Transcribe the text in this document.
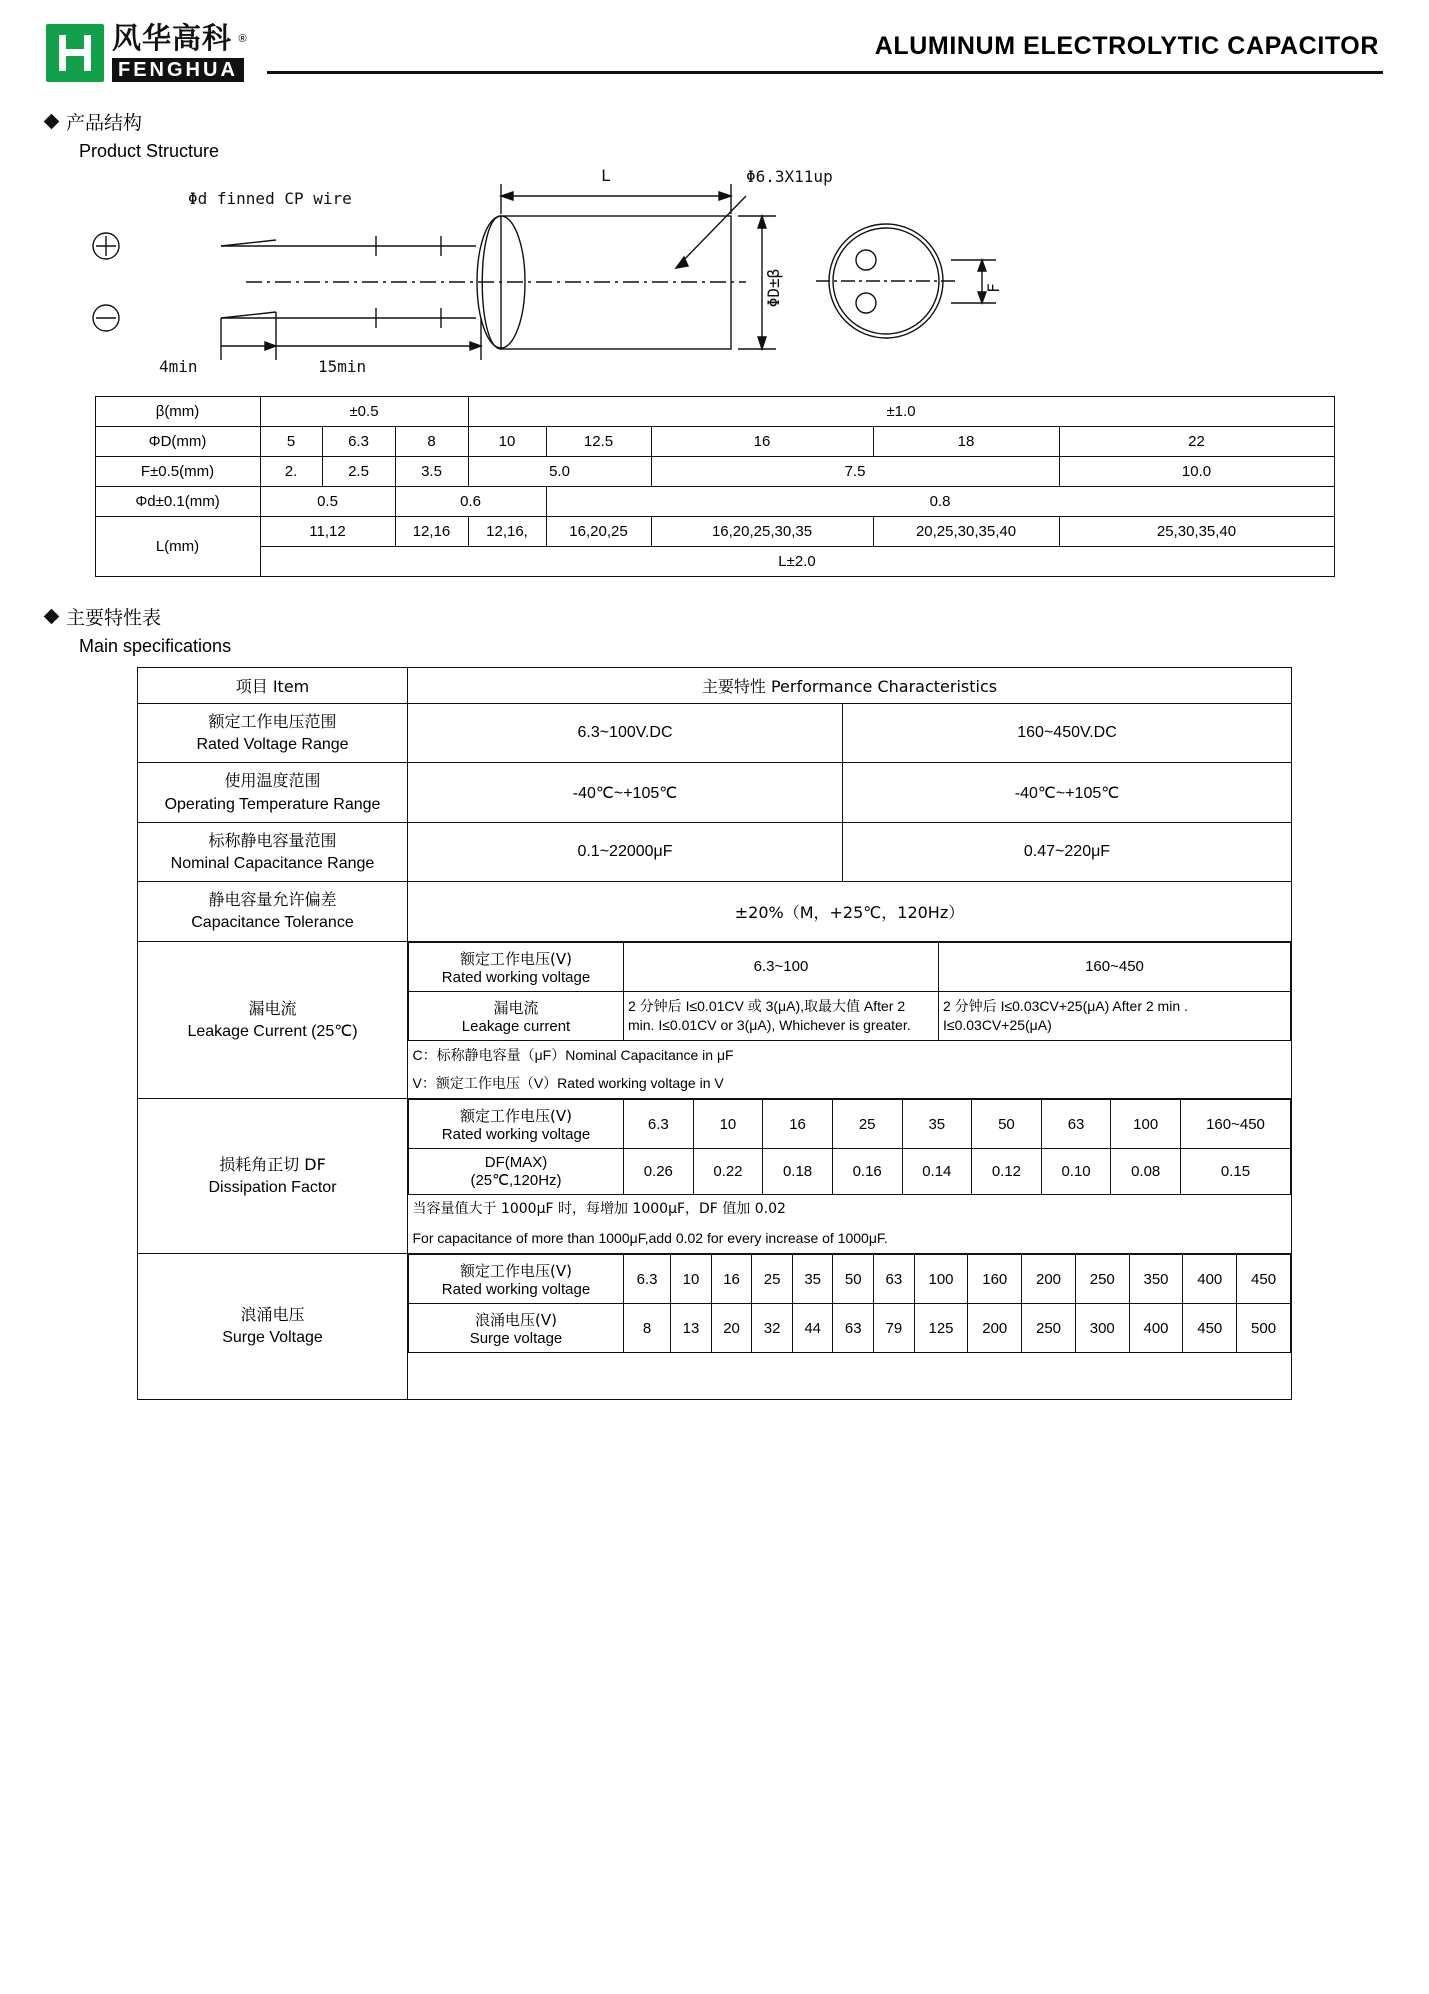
风华高科 ®
FENGHUA
ALUMINUM ELECTROLYTIC CAPACITOR
产品结构
Product Structure
L	Φ6.3X11up
Φd finned CP wire
ΦD±β	F
4min	15min
β(mm)	±0.5			±1.0				
ΦD(mm)	5	6.3	8	10	12.5	16	18	22
F±0.5(mm)	2.	2.5	3.5	5.0		7.5		10.0
Φd±0.1(mm)	0.5		0.6		0.8			
L(mm)	11,12		12,16	12,16,	16,20,25	16,20,25,30,35	20,25,30,35,40	25,30,35,40
	L±2.0							
主要特性表
Main specifications
项目 Item	主要特性 Performance Characteristics

额定工作电压范围
Rated Voltage Range
	6.3~100V.DC	160~450V.DC

使用温度范围
Operating Temperature Range
	-40℃~+105℃	-40℃~+105℃

标称静电容量范围
Nominal Capacitance Range
	0.1~22000μF	0.47~220μF

静电容量允许偏差
Capacitance Tolerance
	±20%（M，+25℃，120Hz）

漏电流
Leakage Current (25℃)

额定工作电压(V)
Rated working voltage
	6.3~100	160~450

漏电流
Leakage current
	2 分钟后 I≤0.01CV 或 3(μA),取最大值 After 2 min. I≤0.01CV or 3(μA), Whichever is greater.	2 分钟后 I≤0.03CV+25(μA) After 2 min . I≤0.03CV+25(μA)
C：标称静电容量（μF）Nominal Capacitance in μF
V：额定工作电压（V）Rated working voltage in V

损耗角正切 DF
Dissipation Factor

额定工作电压(V)
Rated working voltage
	6.3	10	16	25	35	50	63	100	160~450

DF(MAX)
(25℃,120Hz)
	0.26	0.22	0.18	0.16	0.14	0.12	0.10	0.08	0.15
当容量值大于 1000μF 时，每增加 1000μF，DF 值加 0.02
For capacitance of more than 1000μF,add 0.02 for every increase of 1000μF.

浪涌电压
Surge Voltage

额定工作电压(V)
Rated working voltage
	6.3	10	16	25	35	50	63	100	160	200	250	350	400	450

浪涌电压(V)
Surge voltage
	8	13	20	32	44	63	79	125	200	250	300	400	450	500
